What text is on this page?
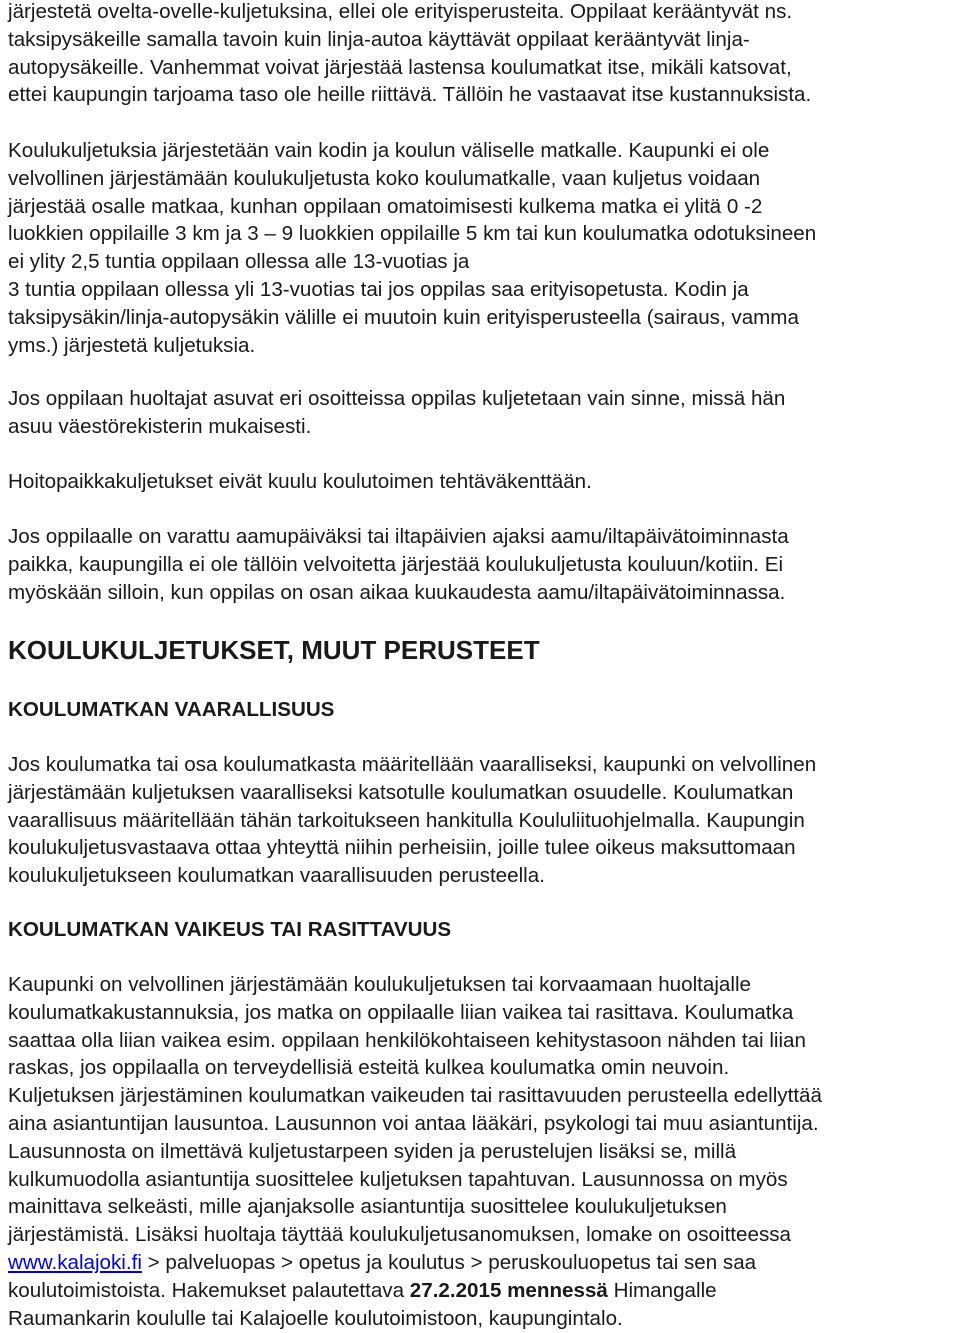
järjestetä ovelta-ovelle-kuljetuksina, ellei ole erityisperusteita. Oppilaat kerääntyvät ns.
taksipysäkeille samalla tavoin kuin linja-autoa käyttävät oppilaat kerääntyvät linja-
autopysäkeille. Vanhemmat voivat järjestää lastensa koulumatkat itse, mikäli katsovat,
ettei kaupungin tarjoama taso ole heille riittävä. Tällöin he vastaavat itse kustannuksista.
Koulukuljetuksia järjestetään vain kodin ja koulun väliselle matkalle. Kaupunki ei ole
velvollinen järjestämään koulukuljetusta koko koulumatkalle, vaan kuljetus voidaan
järjestää osalle matkaa, kunhan oppilaan omatoimisesti kulkema matka ei ylitä 0 -2
luokkien oppilaille 3 km ja 3 – 9 luokkien oppilaille 5 km tai kun koulumatka odotuksineen
ei ylity 2,5 tuntia oppilaan ollessa alle 13-vuotias ja
3 tuntia oppilaan ollessa yli 13-vuotias tai jos oppilas saa erityisopetusta. Kodin ja
taksipysäkin/linja-autopysäkin välille ei muutoin kuin erityisperusteella (sairaus, vamma
yms.) järjestetä kuljetuksia.
Jos oppilaan huoltajat asuvat eri osoitteissa oppilas kuljetetaan vain sinne, missä hän
asuu väestörekisterin mukaisesti.
Hoitopaikkakuljetukset eivät kuulu koulutoimen tehtäväkenttään.
Jos oppilaalle on varattu aamupäiväksi tai iltapäivien ajaksi aamu/iltapäivätoiminnasta
paikka, kaupungilla ei ole tällöin velvoitetta järjestää koulukuljetusta kouluun/kotiin. Ei
myöskään silloin, kun oppilas on osan aikaa kuukaudesta aamu/iltapäivätoiminnassa.
KOULUKULJETUKSET, MUUT PERUSTEET
KOULUMATKAN VAARALLISUUS
Jos koulumatka tai osa koulumatkasta määritellään vaaralliseksi, kaupunki on velvollinen
järjestämään kuljetuksen vaaralliseksi katsotulle koulumatkan osuudelle. Koulumatkan
vaarallisuus määritellään tähän tarkoitukseen hankitulla Koululiituohjelmalla. Kaupungin
koulukuljetusvastaava ottaa yhteyttä niihin perheisiin, joille tulee oikeus maksuttomaan
koulukuljetukseen koulumatkan vaarallisuuden perusteella.
KOULUMATKAN VAIKEUS TAI RASITTAVUUS
Kaupunki on velvollinen järjestämään koulukuljetuksen tai korvaamaan huoltajalle
koulumatkakustannuksia, jos matka on oppilaalle liian vaikea tai rasittava. Koulumatka
saattaa olla liian vaikea esim. oppilaan henkilökohtaiseen kehitystasoon nähden tai liian
raskas, jos oppilaalla on terveydellisiä esteitä kulkea koulumatka omin neuvoin.
Kuljetuksen järjestäminen koulumatkan vaikeuden tai rasittavuuden perusteella edellyttää
aina asiantuntijan lausuntoa. Lausunnon voi antaa lääkäri, psykologi tai muu asiantuntija.
Lausunnosta on ilmettävä kuljetustarpeen syiden ja perustelujen lisäksi se, millä
kulkumuodolla asiantuntija suosittelee kuljetuksen tapahtuvan. Lausunnossa on myös
mainittava selkeästi, mille ajanjaksolle asiantuntija suosittelee koulukuljetuksen
järjestämistä. Lisäksi huoltaja täyttää koulukuljetusanomuksen, lomake on osoitteessa
www.kalajoki.fi > palveluopas > opetus ja koulutus > peruskouluopetus tai sen saa
koulutoimistoista. Hakemukset palautettava 27.2.2015 mennessä Himangalle
Raumankarin koululle tai Kalajoelle koulutoimistoon, kaupungintalo.
